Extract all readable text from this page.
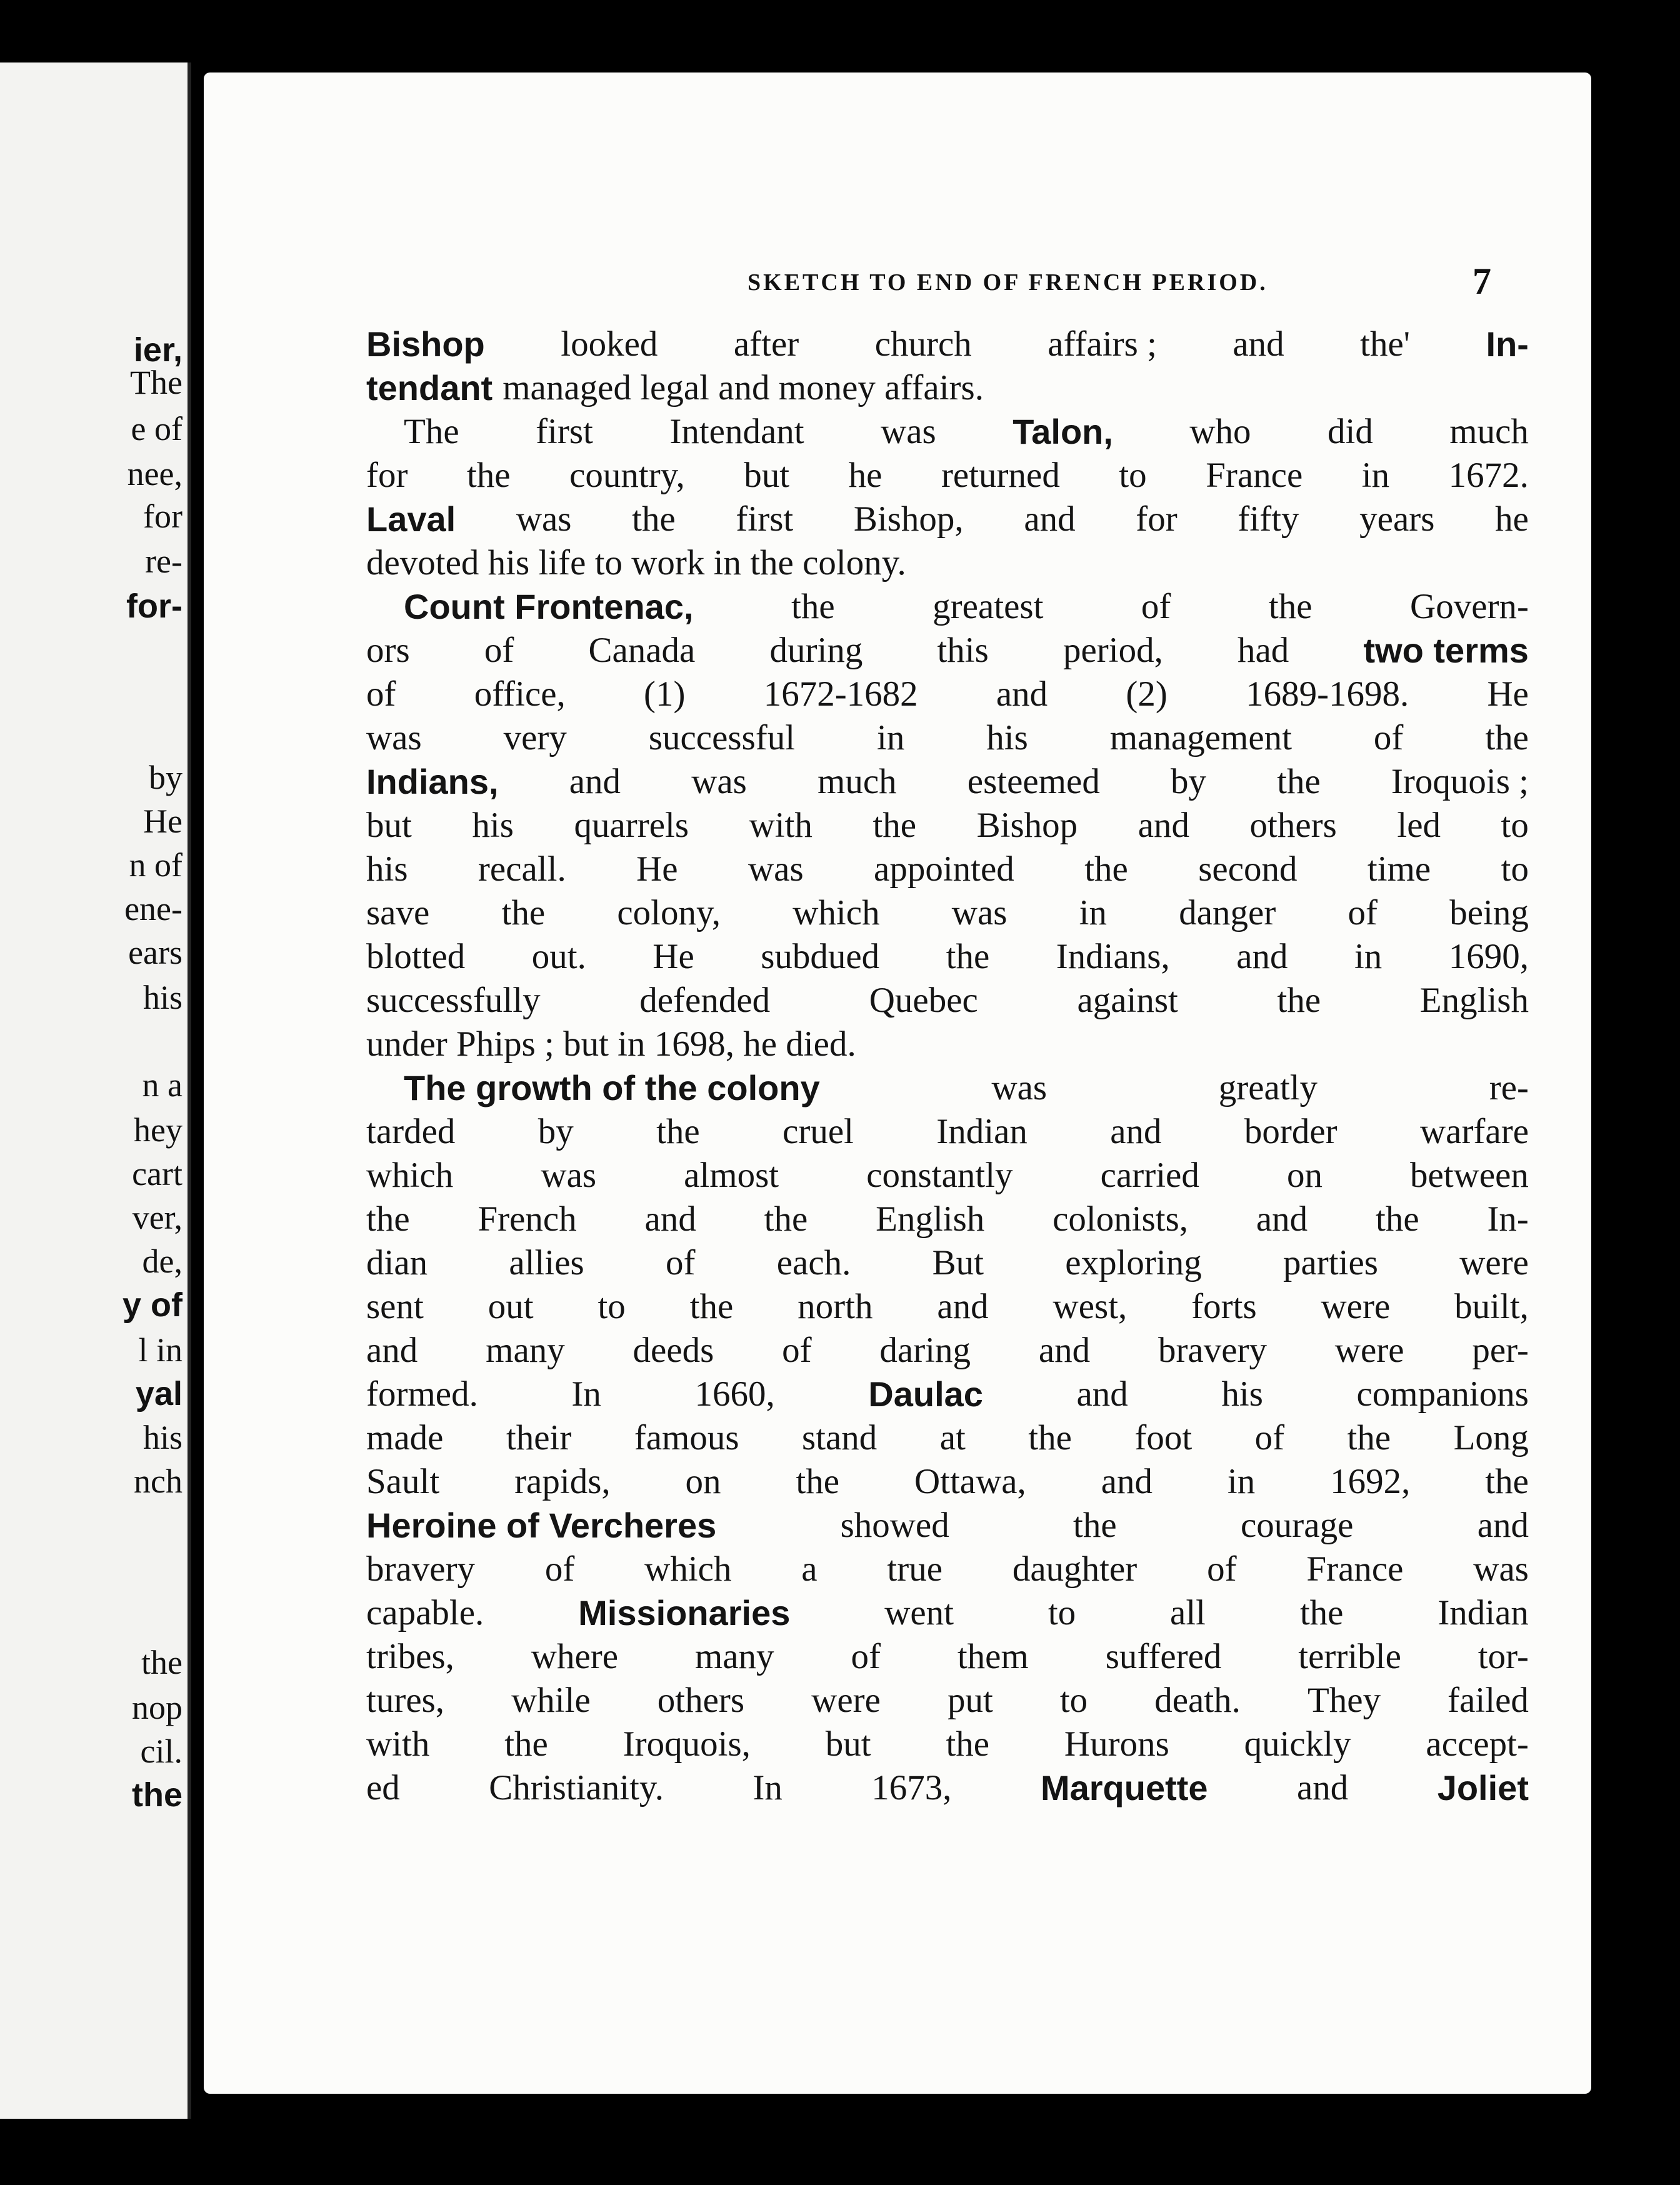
ier,
The
e of
nee,
for
re-
for-
by
He
n of
ene-
ears
his
n a
hey
cart
ver,
de,
y of
l in
yal
his
nch
the
nop
cil.
the
SKETCH TO END OF FRENCH PERIOD.	7
Bishop looked after church affairs ; and the' In-
tendant managed legal and money affairs.
The first Intendant was Talon, who did much
for the country, but he returned to France in 1672.
Laval was the first Bishop, and for fifty years he
devoted his life to work in the colony.
Count Frontenac,	the	greatest	of	the	Govern-
ors of Canada during this period, had two terms
of office, (1) 1672-1682 and (2) 1689-1698. He
was very successful in his management of the
Indians, and was much esteemed by the Iroquois ;
but his quarrels with the Bishop and others led to
his recall. He was appointed the second time to
save the colony, which was in danger of being
blotted out. He subdued the Indians, and in 1690,
successfully	defended	Quebec	against	the	English
under Phips ; but in 1698, he died.
The growth of the colony	was	greatly	re-
tarded by the cruel Indian and border warfare
which was almost constantly carried on between
the French and the English colonists, and the In-
dian allies of each. But exploring parties were
sent out to the north and west, forts were built,
and many deeds of daring and bravery were per-
formed.	In	1660,	Daulac	and	his	companions
made their famous stand at the foot of the Long
Sault rapids, on the Ottawa, and in 1692, the
Heroine of Vercheres	showed	the	courage	and
bravery of which a true daughter of France was
capable.	Missionaries	went	to	all	the	Indian
tribes, where many of them suffered terrible tor-
tures, while others were put to death. They failed
with the Iroquois, but the Hurons quickly accept-
ed Christianity. In 1673,	Marquette and	Joliet
